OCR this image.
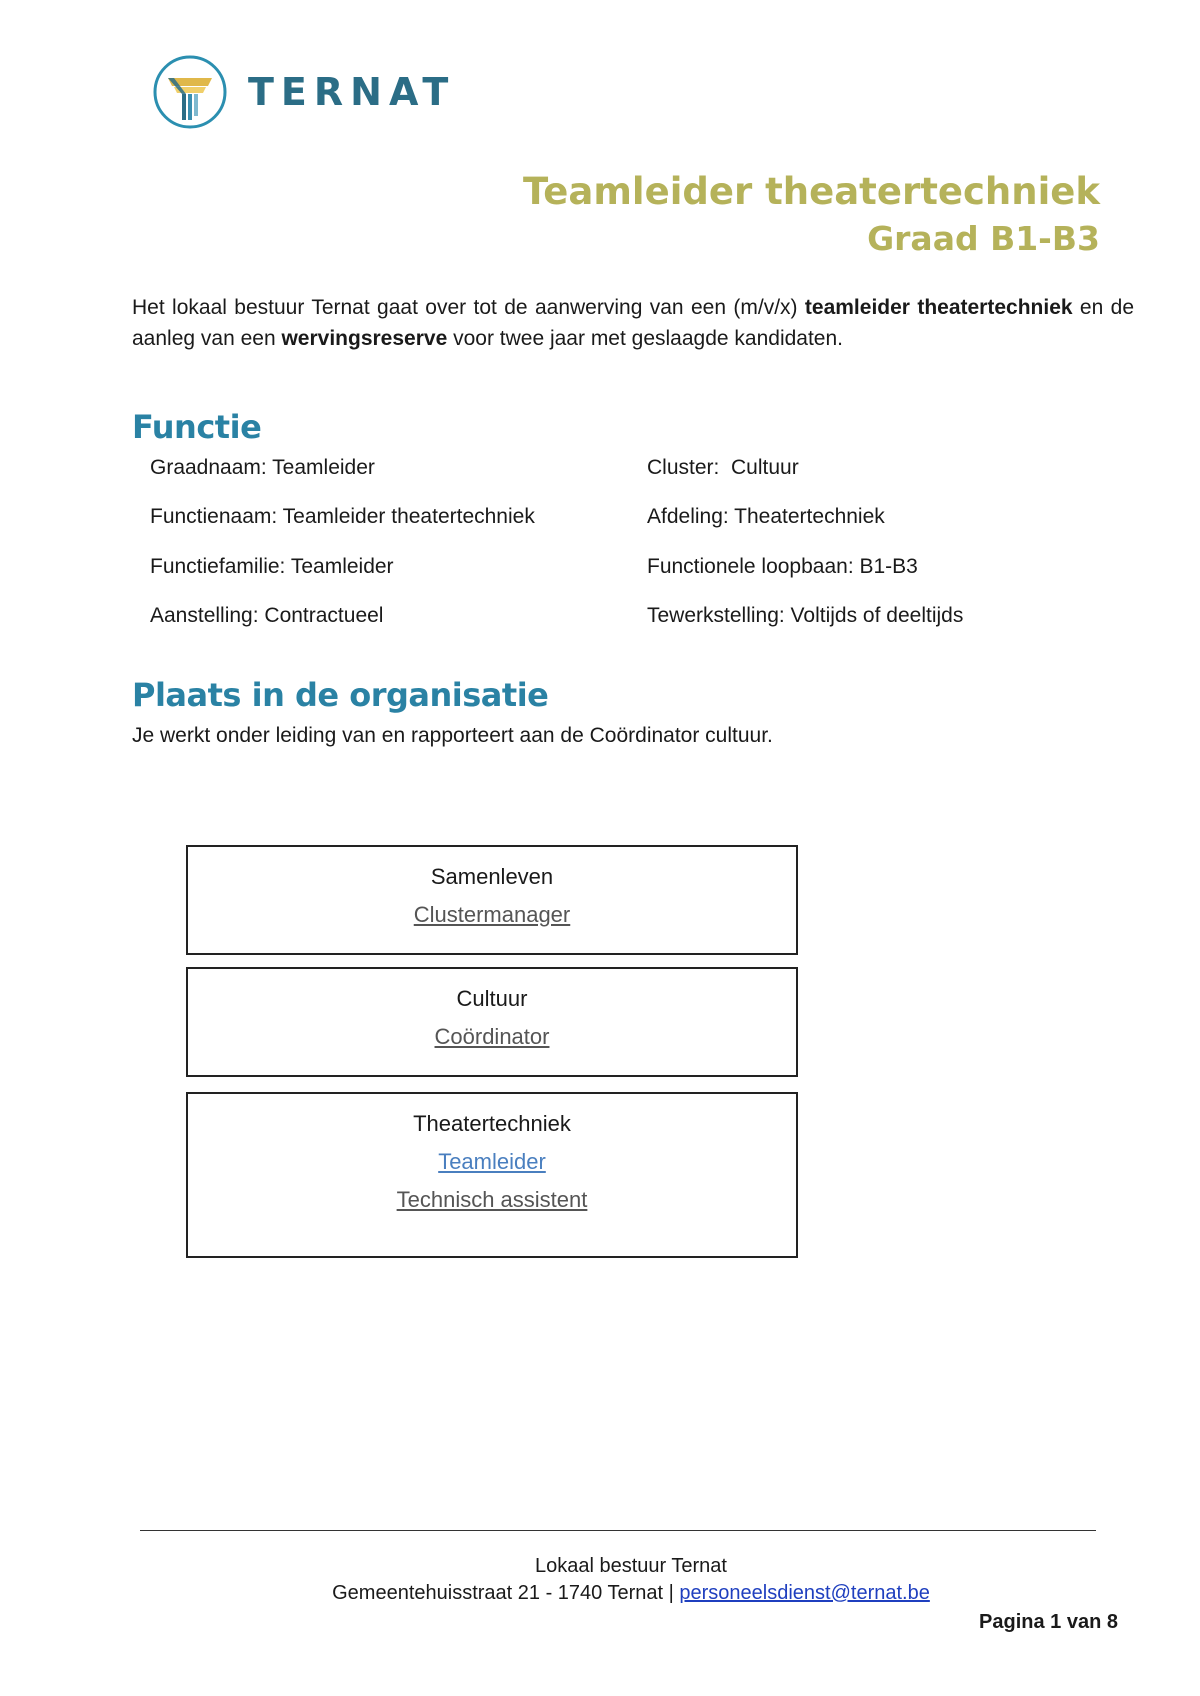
TERNAT
Teamleider theatertechniek
Graad B1-B3

Het lokaal bestuur Ternat gaat over tot de aanwerving van een (m/v/x) teamleider theatertechniek en de aanleg van een wervingsreserve voor twee jaar met geslaagde kandidaten.

Functie
Graadnaam: Teamleider
Functienaam: Teamleider theatertechniek
Functiefamilie: Teamleider
Aanstelling: Contractueel
Cluster:  Cultuur
Afdeling: Theatertechniek
Functionele loopbaan: B1-B3
Tewerkstelling: Voltijds of deeltijds
Plaats in de organisatie
Je werkt onder leiding van en rapporteert aan de Coördinator cultuur.
Samenleven
Clustermanager
Cultuur
Coördinator
Theatertechniek
Teamleider
Technisch assistent
Lokaal bestuur Ternat
Gemeentehuisstraat 21 - 1740 Ternat | personeelsdienst@ternat.be
Pagina 1 van 8
